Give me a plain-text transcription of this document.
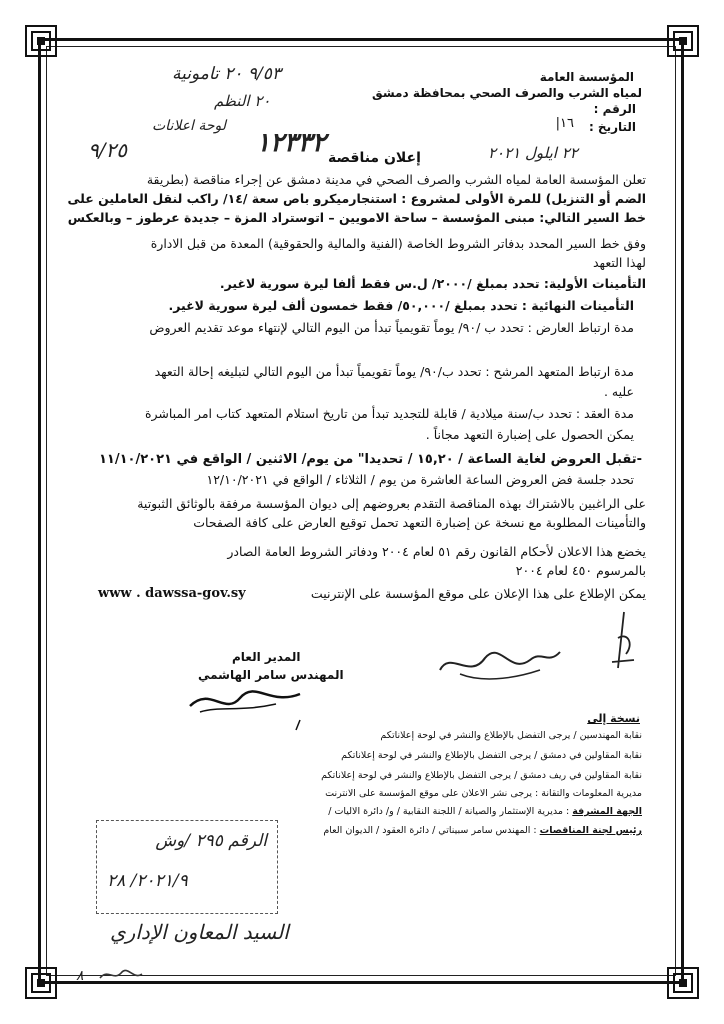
المؤسسة العامة
لمياه الشرب والصرف الصحي بمحافظة دمشق
الرقم :
١٦| التاريخ :
٩/٥٣ ٢٠ تامونية
٢٠ النظم
لوحة اعلانات
٩/٢٥	١٢٣٣٢	٢٢ ايلول ٢٠٢١
إعلان مناقصة
تعلن المؤسسة العامة لمياه الشرب والصرف الصحي في مدينة دمشق عن إجراء مناقصة (بطريقة
الضم أو التنزيل) للمرة الأولى لمشروع : استنجارميكرو باص سعة /١٤/ راكب لنقل العاملين على
خط السير التالي: مبنى المؤسسة – ساحة الامويين – اتوستراد المزة – جديدة عرطوز – وبالعكس
وفق خط السير المحدد بدفاتر الشروط الخاصة (الفنية والمالية والحقوقية) المعدة من قبل الادارة
لهذا التعهد
التأمينات الأولية: تحدد بمبلغ /٢٠٠٠/ ل.س فقط ألفا ليرة سورية لاغير.
التأمينات النهائية : تحدد بمبلغ /٥٠,٠٠٠/ فقط خمسون ألف ليرة سورية لاغير.
مدة ارتباط العارض : تحدد ب /٩٠/ يوماً تقويمياً تبدأ من اليوم التالي لإنتهاء موعد تقديم العروض
مدة ارتباط المتعهد المرشح : تحدد ب/٩٠/ يوماً تقويمياً تبدأ من اليوم التالي لتبليغه إحالة التعهد
عليه .
مدة العقد : تحدد ب/سنة ميلادية / قابلة للتجديد تبدأ من تاريخ استلام المتعهد كتاب امر المباشرة
يمكن الحصول على إضبارة التعهد مجاناً .
-تقبل العروض لغاية الساعة / ١٥,٢٠ / تحديدا" من يوم/ الاثنين / الواقع في ١١/١٠/٢٠٢١
تحدد جلسة فض العروض الساعة العاشرة من يوم / الثلاثاء / الواقع في ١٢/١٠/٢٠٢١
على الراغبين بالاشتراك بهذه المناقصة التقدم بعروضهم إلى ديوان المؤسسة مرفقة بالوثائق الثبوتية
والتأمينات المطلوبة مع نسخة عن إضبارة التعهد تحمل توقيع العارض على كافة الصفحات
يخضع هذا الاعلان لأحكام القانون رقم ٥١ لعام ٢٠٠٤ ودفاتر الشروط العامة الصادر
بالمرسوم ٤٥٠ لعام ٢٠٠٤
يمكن الإطلاع على هذا الإعلان على موقع المؤسسة على الإنترنيت
www . dawssa-gov.sy
المدير العام
المهندس سامر الهاشمي
نسخة إلى
نقابة المهندسين / يرجى التفضل بالإطلاع والنشر في لوحة إعلاناتكم
نقابة المقاولين في دمشق / يرجى التفضل بالإطلاع والنشر في لوحة إعلاناتكم
نقابة المقاولين في ريف دمشق / يرجى التفضل بالإطلاع والنشر في لوحة إعلاناتكم
مديرية المعلومات والتقانة : يرجى نشر الاعلان على موقع المؤسسة على الانترنت
الجهة المشرفة : مديرية الإستثمار والصيانة / اللجنة النقابية / و/ دائرة الاليات /
رئيس لجنة المناقصات : المهندس سامر سبيناتي / دائرة العقود / الديوان العام
الرقم ٢٩٥ /وش
٢٠٢١/٩/ ٢٨
السيد المعاون الإداري
٨
